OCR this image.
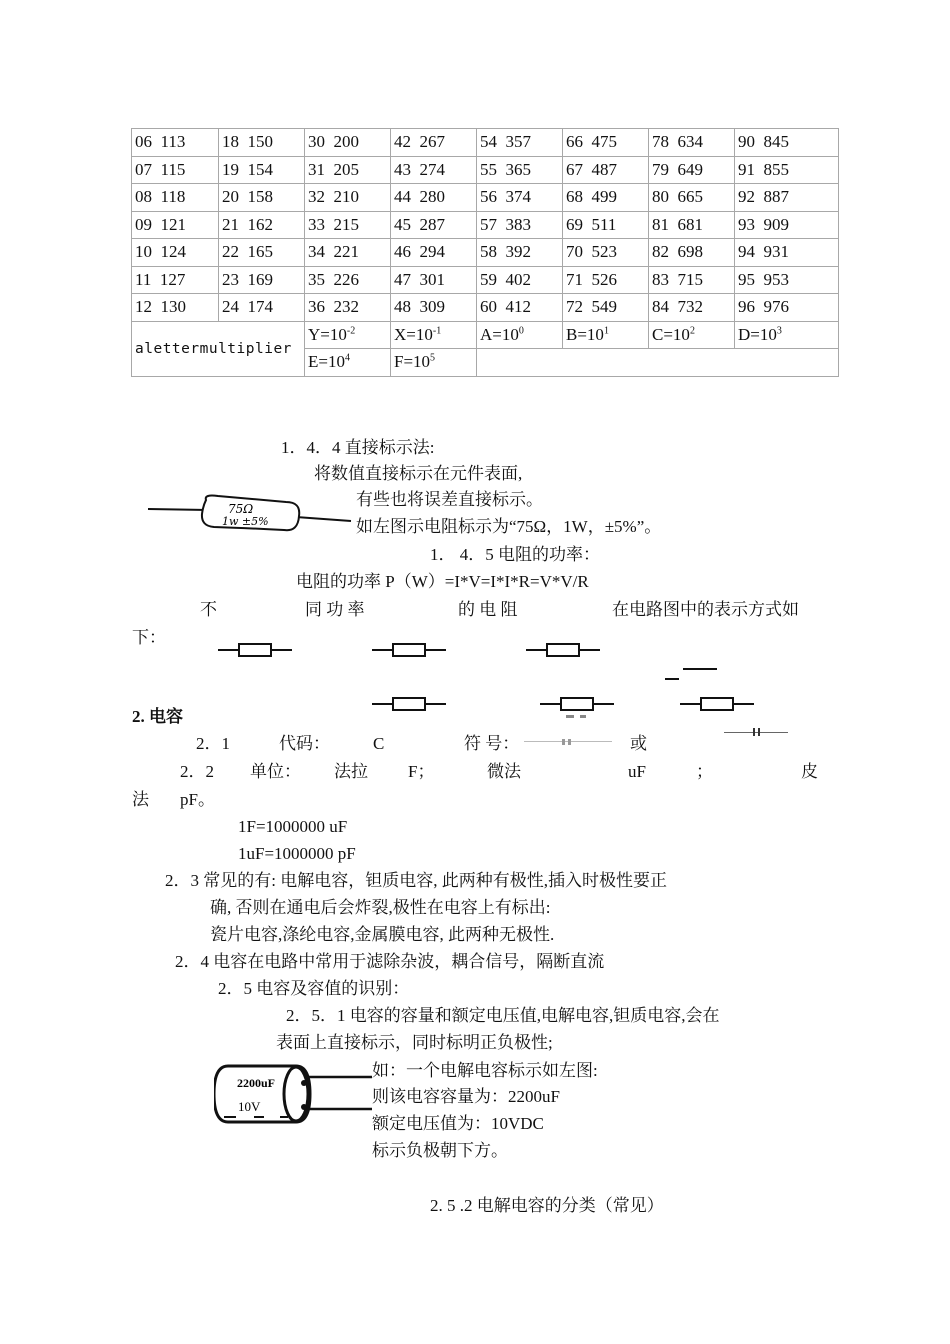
06  113	18  150	30  200	42  267	54  357	66  475	78  634	90  845
07  115	19  154	31  205	43  274	55  365	67  487	79  649	91  855
08  118	20  158	32  210	44  280	56  374	68  499	80  665	92  887
09  121	21  162	33  215	45  287	57  383	69  511	81  681	93  909
10  124	22  165	34  221	46  294	58  392	70  523	82  698	94  931
11  127	23  169	35  226	47  301	59  402	71  526	83  715	95  953
12  130	24  174	36  232	48  309	60  412	72  549	84  732	96  976
alettermultiplier		$Y=10^{-2}$	$X=10^{-1}$	$A=10^0$	$B=10^1$	$C=10^2$	$D=10^3$
		$E=10^4$	$F=10^5$	
1．4．4 直接标示法:
将数值直接标示在元件表面,
75Ω
1w ±5%
有些也将误差直接标示。
如左图示电阻标示为“75Ω，1W，±5%”。
1． 4．5 电阻的功率：
电阻的功率 P（W）=I*V=I*I*R=V*V/R
不	同 功 率	的 电 阻	在电路图中的表示方式如
下：
2. 电容
2．1	代码：	C	符 号：	或
2．2 单位： 法拉 F；	微法	uF	；	皮
法 pF。
1F=1000000 uF
1uF=1000000 pF
2．3 常见的有: 电解电容，钽质电容, 此两种有极性,插入时极性要正
确, 否则在通电后会炸裂,极性在电容上有标出:
瓷片电容,涤纶电容,金属膜电容, 此两种无极性.
2．4 电容在电路中常用于滤除杂波，耦合信号，隔断直流
2．5 电容及容值的识别：
2．5．1 电容的容量和额定电压值,电解电容,钽质电容,会在
表面上直接标示，同时标明正负极性;
2200uF
10V
如：一个电解电容标示如左图:
则该电容容量为：2200uF
额定电压值为：10VDC
标示负极朝下方。
2. 5 .2 电解电容的分类（常见）
